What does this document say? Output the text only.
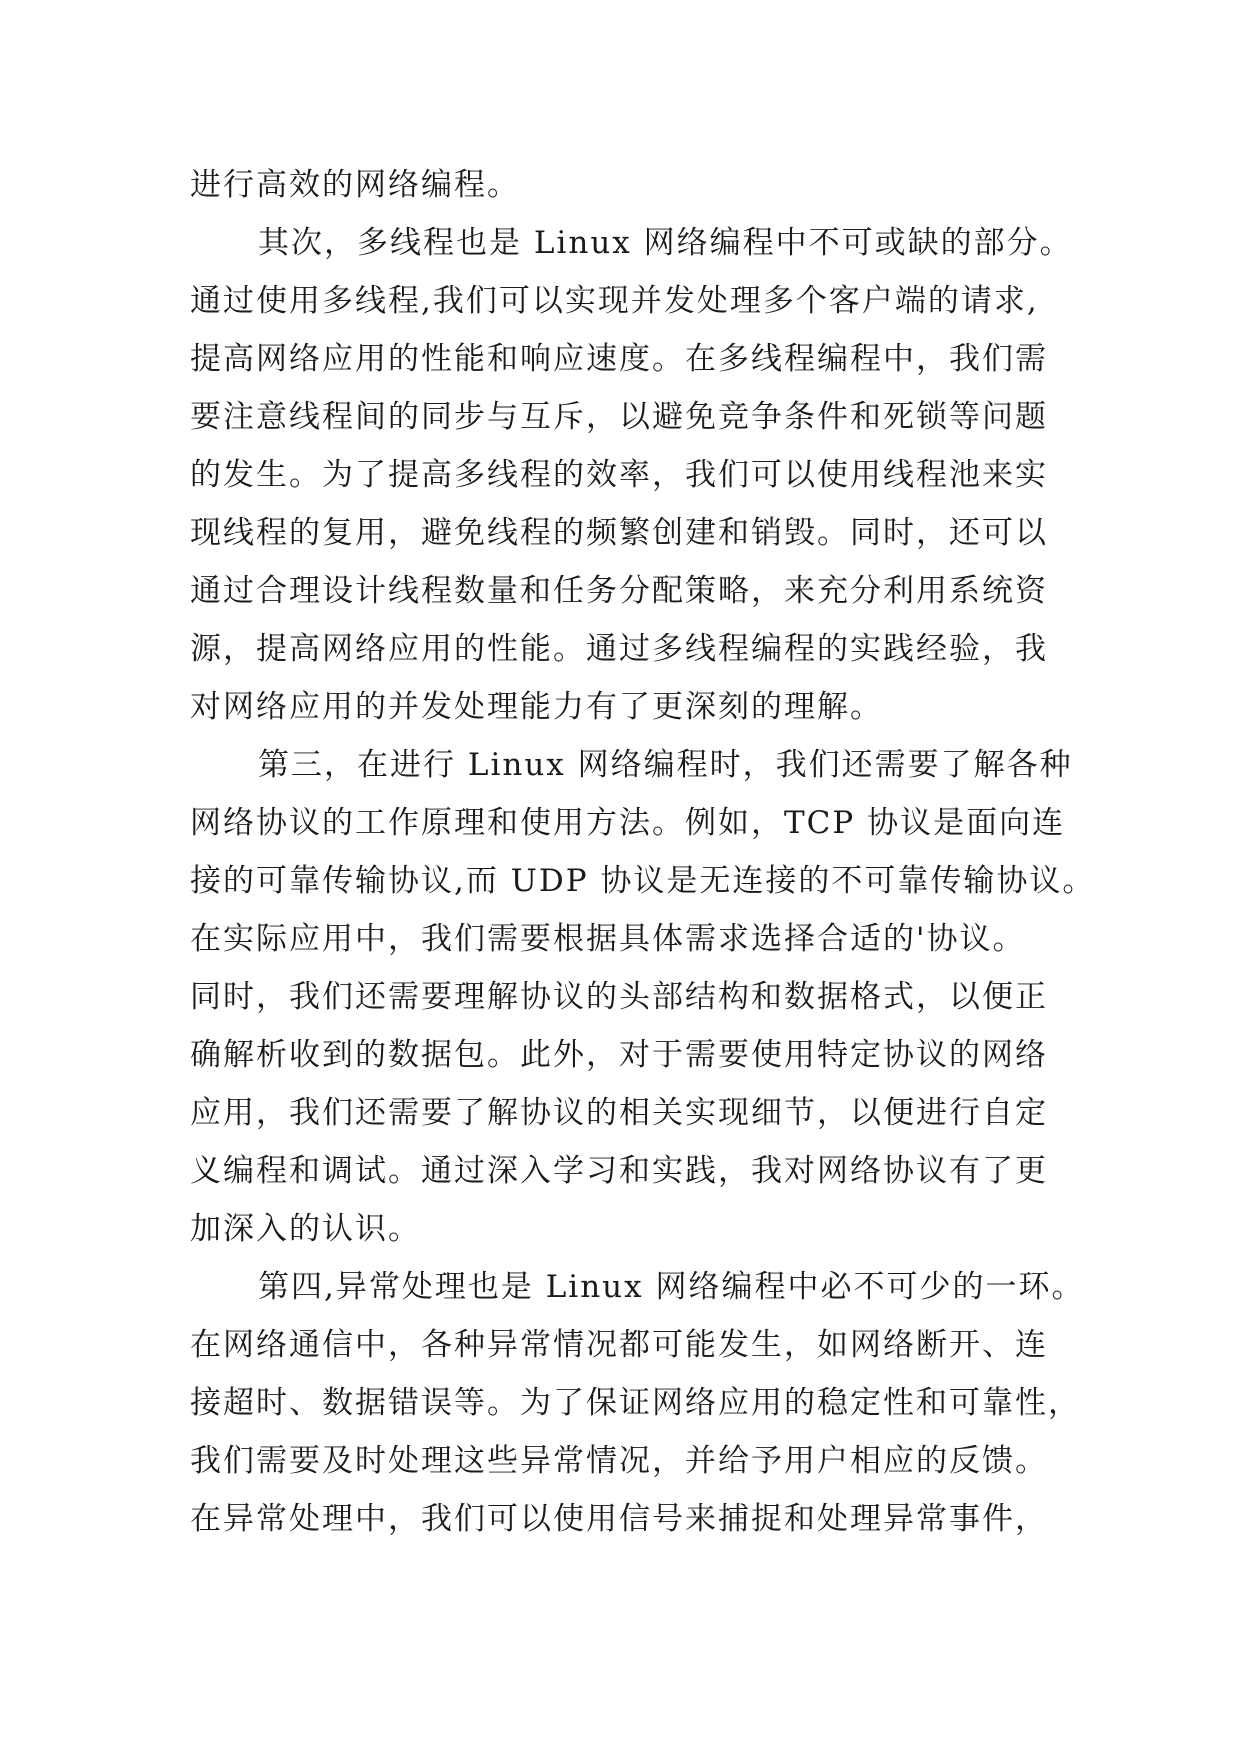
进行高效的网络编程。
其次，多线程也是 Linux 网络编程中不可或缺的部分。
通过使用多线程,我们可以实现并发处理多个客户端的请求,
提高网络应用的性能和响应速度。在多线程编程中，我们需
要注意线程间的同步与互斥，以避免竞争条件和死锁等问题
的发生。为了提高多线程的效率，我们可以使用线程池来实
现线程的复用，避免线程的频繁创建和销毁。同时，还可以
通过合理设计线程数量和任务分配策略，来充分利用系统资
源，提高网络应用的性能。通过多线程编程的实践经验，我
对网络应用的并发处理能力有了更深刻的理解。
第三，在进行 Linux 网络编程时，我们还需要了解各种
网络协议的工作原理和使用方法。例如，TCP 协议是面向连
接的可靠传输协议,而 UDP 协议是无连接的不可靠传输协议。
在实际应用中，我们需要根据具体需求选择合适的'协议。
同时，我们还需要理解协议的头部结构和数据格式，以便正
确解析收到的数据包。此外，对于需要使用特定协议的网络
应用，我们还需要了解协议的相关实现细节，以便进行自定
义编程和调试。通过深入学习和实践，我对网络协议有了更
加深入的认识。
第四,异常处理也是 Linux 网络编程中必不可少的一环。
在网络通信中，各种异常情况都可能发生，如网络断开、连
接超时、数据错误等。为了保证网络应用的稳定性和可靠性，
我们需要及时处理这些异常情况，并给予用户相应的反馈。
在异常处理中，我们可以使用信号来捕捉和处理异常事件，
